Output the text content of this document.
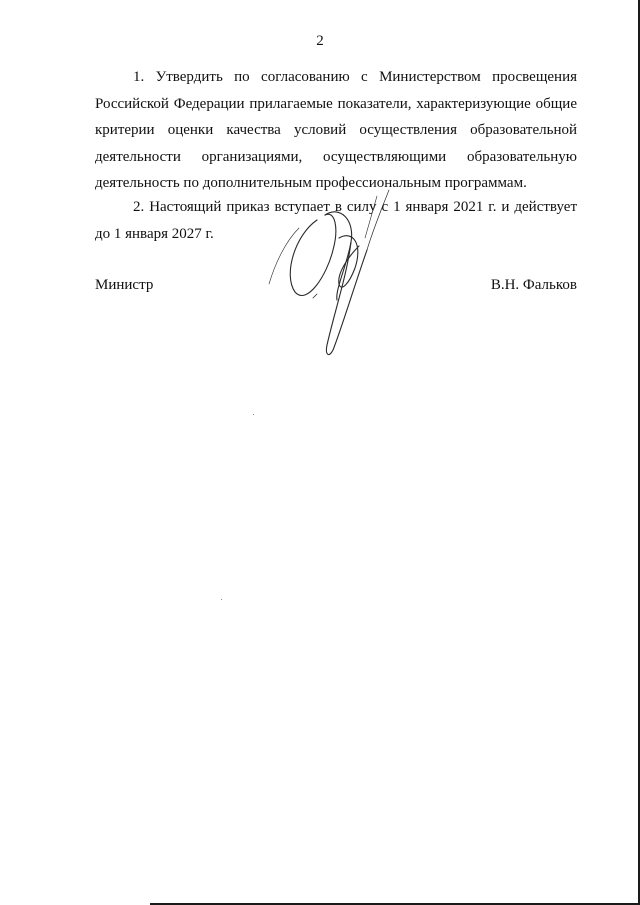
2

1. Утвердить по согласованию с Министерством просвещения Российской Федерации прилагаемые показатели, характеризующие общие критерии оценки качества условий осуществления образовательной деятельности организациями, осуществляющими образовательную деятельность по дополнительным профессиональным программам.

2. Настоящий приказ вступает в силу с 1 января 2021 г. и действует до 1 января 2027 г.

Министр	В.Н. Фальков
